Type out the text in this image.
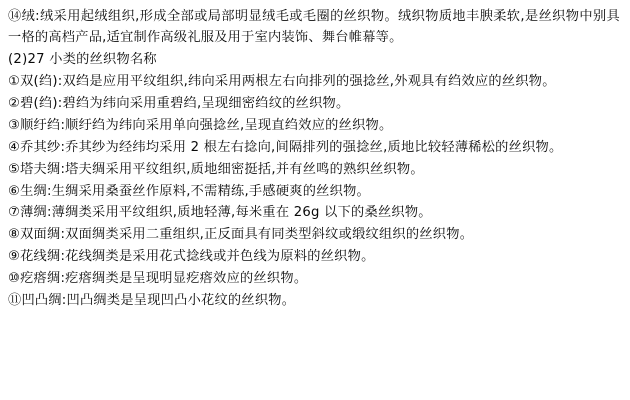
⑭绒:绒采用起绒组织,形成全部或局部明显绒毛或毛圈的丝织物。绒织物质地丰腴柔软,是丝织物中别具一格的高档产品,适宜制作高级礼服及用于室内装饰、舞台帷幕等。

(2)27 小类的丝织物名称

①双(绉):双绉是应用平纹组织,纬向采用两根左右向排列的强捻丝,外观具有绉效应的丝织物。

②碧(绉):碧绉为纬向采用重碧绉,呈现细密绉纹的丝织物。

③顺纡绉:顺纡绉为纬向采用单向强捻丝,呈现直绉效应的丝织物。

④乔其纱:乔其纱为经纬均采用 2 根左右捻向,间隔排列的强捻丝,质地比较轻薄稀松的丝织物。

⑤塔夫绸:塔夫绸采用平纹组织,质地细密挺括,并有丝鸣的熟织丝织物。

⑥生绸:生绸采用桑蚕丝作原料,不需精练,手感硬爽的丝织物。

⑦薄绸:薄绸类采用平纹组织,质地轻薄,每米重在 26g 以下的桑丝织物。

⑧双面绸:双面绸类采用二重组织,正反面具有同类型斜纹或缎纹组织的丝织物。

⑨花线绸:花线绸类是采用花式捻线或并色线为原料的丝织物。

⑩疙瘩绸:疙瘩绸类是呈现明显疙瘩效应的丝织物。

⑪凹凸绸:凹凸绸类是呈现凹凸小花纹的丝织物。
